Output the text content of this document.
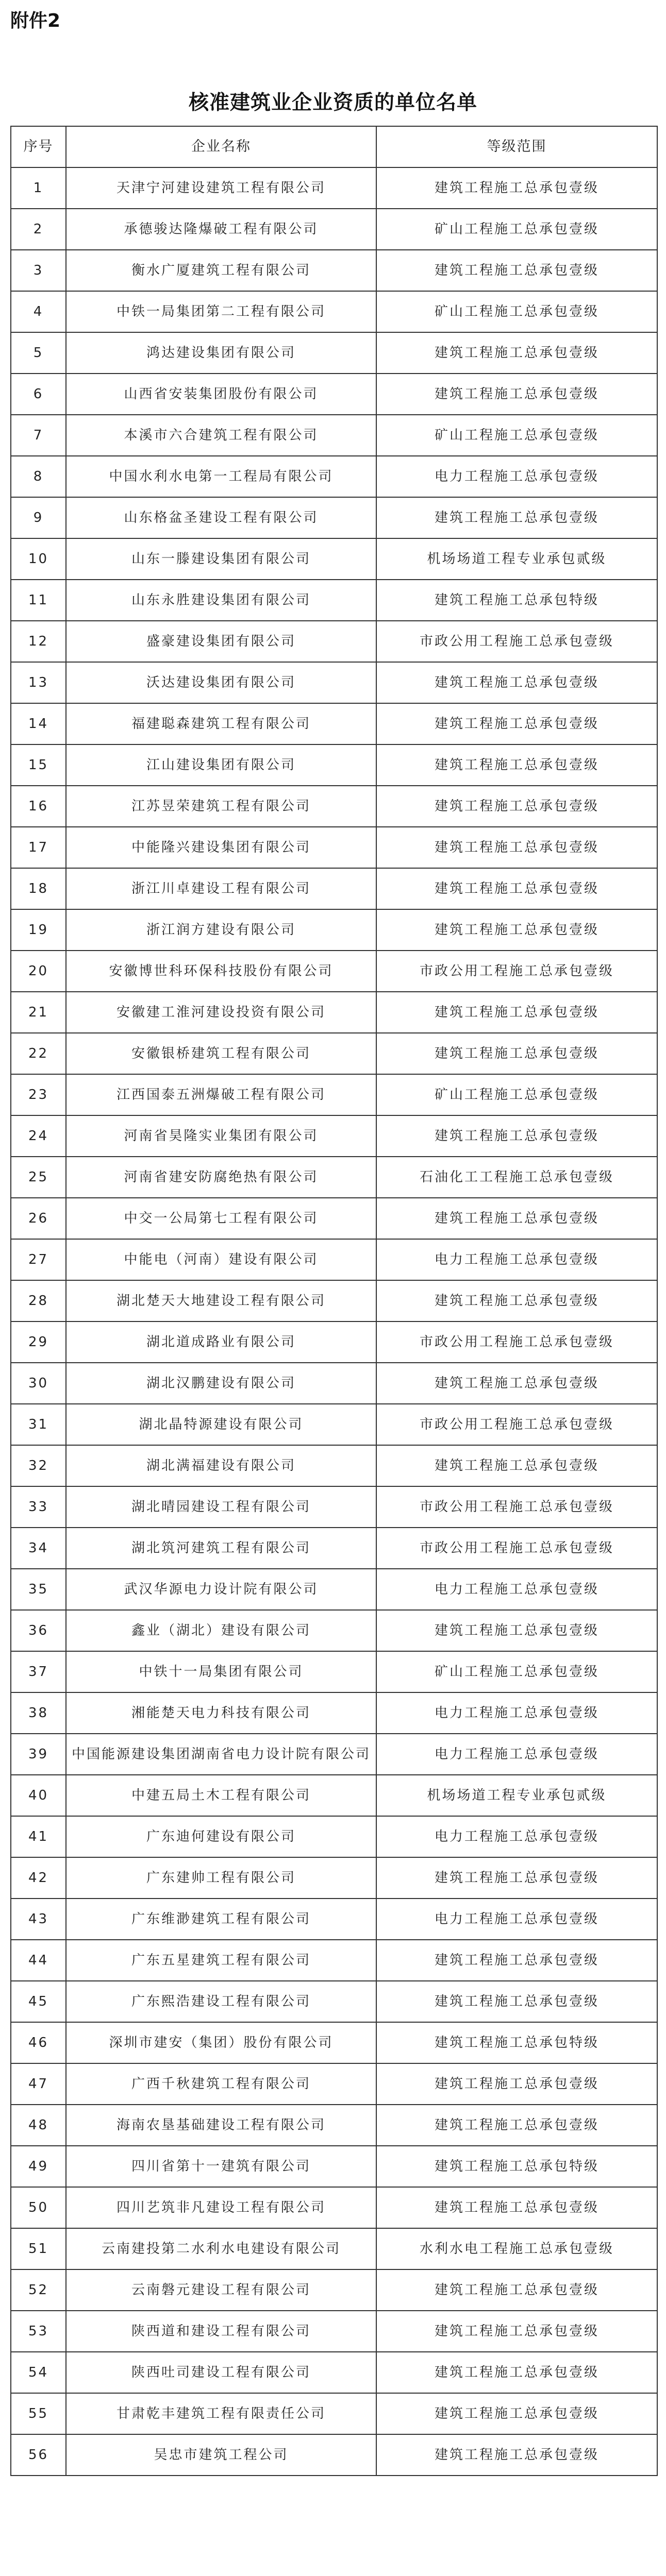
附件2
核准建筑业企业资质的单位名单
序号	企业名称	等级范围
1	天津宁河建设建筑工程有限公司	建筑工程施工总承包壹级
2	承德骏达隆爆破工程有限公司	矿山工程施工总承包壹级
3	衡水广厦建筑工程有限公司	建筑工程施工总承包壹级
4	中铁一局集团第二工程有限公司	矿山工程施工总承包壹级
5	鸿达建设集团有限公司	建筑工程施工总承包壹级
6	山西省安装集团股份有限公司	建筑工程施工总承包壹级
7	本溪市六合建筑工程有限公司	矿山工程施工总承包壹级
8	中国水利水电第一工程局有限公司	电力工程施工总承包壹级
9	山东格盆圣建设工程有限公司	建筑工程施工总承包壹级
10	山东一滕建设集团有限公司	机场场道工程专业承包贰级
11	山东永胜建设集团有限公司	建筑工程施工总承包特级
12	盛豪建设集团有限公司	市政公用工程施工总承包壹级
13	沃达建设集团有限公司	建筑工程施工总承包壹级
14	福建聪森建筑工程有限公司	建筑工程施工总承包壹级
15	江山建设集团有限公司	建筑工程施工总承包壹级
16	江苏昱荣建筑工程有限公司	建筑工程施工总承包壹级
17	中能隆兴建设集团有限公司	建筑工程施工总承包壹级
18	浙江川卓建设工程有限公司	建筑工程施工总承包壹级
19	浙江润方建设有限公司	建筑工程施工总承包壹级
20	安徽博世科环保科技股份有限公司	市政公用工程施工总承包壹级
21	安徽建工淮河建设投资有限公司	建筑工程施工总承包壹级
22	安徽银桥建筑工程有限公司	建筑工程施工总承包壹级
23	江西国泰五洲爆破工程有限公司	矿山工程施工总承包壹级
24	河南省昊隆实业集团有限公司	建筑工程施工总承包壹级
25	河南省建安防腐绝热有限公司	石油化工工程施工总承包壹级
26	中交一公局第七工程有限公司	建筑工程施工总承包壹级
27	中能电（河南）建设有限公司	电力工程施工总承包壹级
28	湖北楚天大地建设工程有限公司	建筑工程施工总承包壹级
29	湖北道成路业有限公司	市政公用工程施工总承包壹级
30	湖北汉鹏建设有限公司	建筑工程施工总承包壹级
31	湖北晶特源建设有限公司	市政公用工程施工总承包壹级
32	湖北满福建设有限公司	建筑工程施工总承包壹级
33	湖北晴园建设工程有限公司	市政公用工程施工总承包壹级
34	湖北筑河建筑工程有限公司	市政公用工程施工总承包壹级
35	武汉华源电力设计院有限公司	电力工程施工总承包壹级
36	鑫业（湖北）建设有限公司	建筑工程施工总承包壹级
37	中铁十一局集团有限公司	矿山工程施工总承包壹级
38	湘能楚天电力科技有限公司	电力工程施工总承包壹级
39	中国能源建设集团湖南省电力设计院有限公司	电力工程施工总承包壹级
40	中建五局土木工程有限公司	机场场道工程专业承包贰级
41	广东迪何建设有限公司	电力工程施工总承包壹级
42	广东建帅工程有限公司	建筑工程施工总承包壹级
43	广东维渺建筑工程有限公司	电力工程施工总承包壹级
44	广东五星建筑工程有限公司	建筑工程施工总承包壹级
45	广东熙浩建设工程有限公司	建筑工程施工总承包壹级
46	深圳市建安（集团）股份有限公司	建筑工程施工总承包特级
47	广西千秋建筑工程有限公司	建筑工程施工总承包壹级
48	海南农垦基础建设工程有限公司	建筑工程施工总承包壹级
49	四川省第十一建筑有限公司	建筑工程施工总承包特级
50	四川艺筑非凡建设工程有限公司	建筑工程施工总承包壹级
51	云南建投第二水利水电建设有限公司	水利水电工程施工总承包壹级
52	云南磐元建设工程有限公司	建筑工程施工总承包壹级
53	陕西道和建设工程有限公司	建筑工程施工总承包壹级
54	陕西吐司建设工程有限公司	建筑工程施工总承包壹级
55	甘肃乾丰建筑工程有限责任公司	建筑工程施工总承包壹级
56	吴忠市建筑工程公司	建筑工程施工总承包壹级
